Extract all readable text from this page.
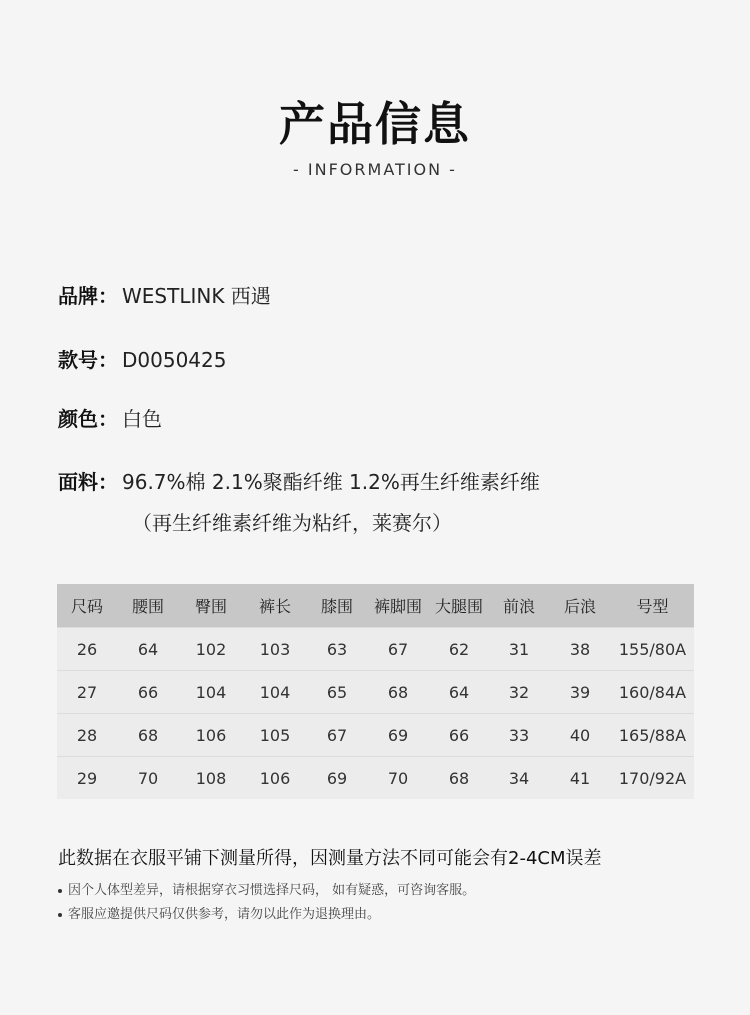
产品信息
- INFORMATION -
品牌： WESTLINK 西遇
款号： D0050425
颜色： 白色
面料： 96.7%棉 2.1%聚酯纤维 1.2%再生纤维素纤维
（再生纤维素纤维为粘纤，莱赛尔）
尺码	腰围	臀围	裤长	膝围	裤脚围	大腿围	前浪	后浪	号型
26	64	102	103	63	67	62	31	38	155/80A
27	66	104	104	65	68	64	32	39	160/84A
28	68	106	105	67	69	66	33	40	165/88A
29	70	108	106	69	70	68	34	41	170/92A
此数据在衣服平铺下测量所得，因测量方法不同可能会有2-4CM误差
因个人体型差异，请根据穿衣习惯选择尺码， 如有疑惑，可咨询客服。
客服应邀提供尺码仅供参考，请勿以此作为退换理由。
